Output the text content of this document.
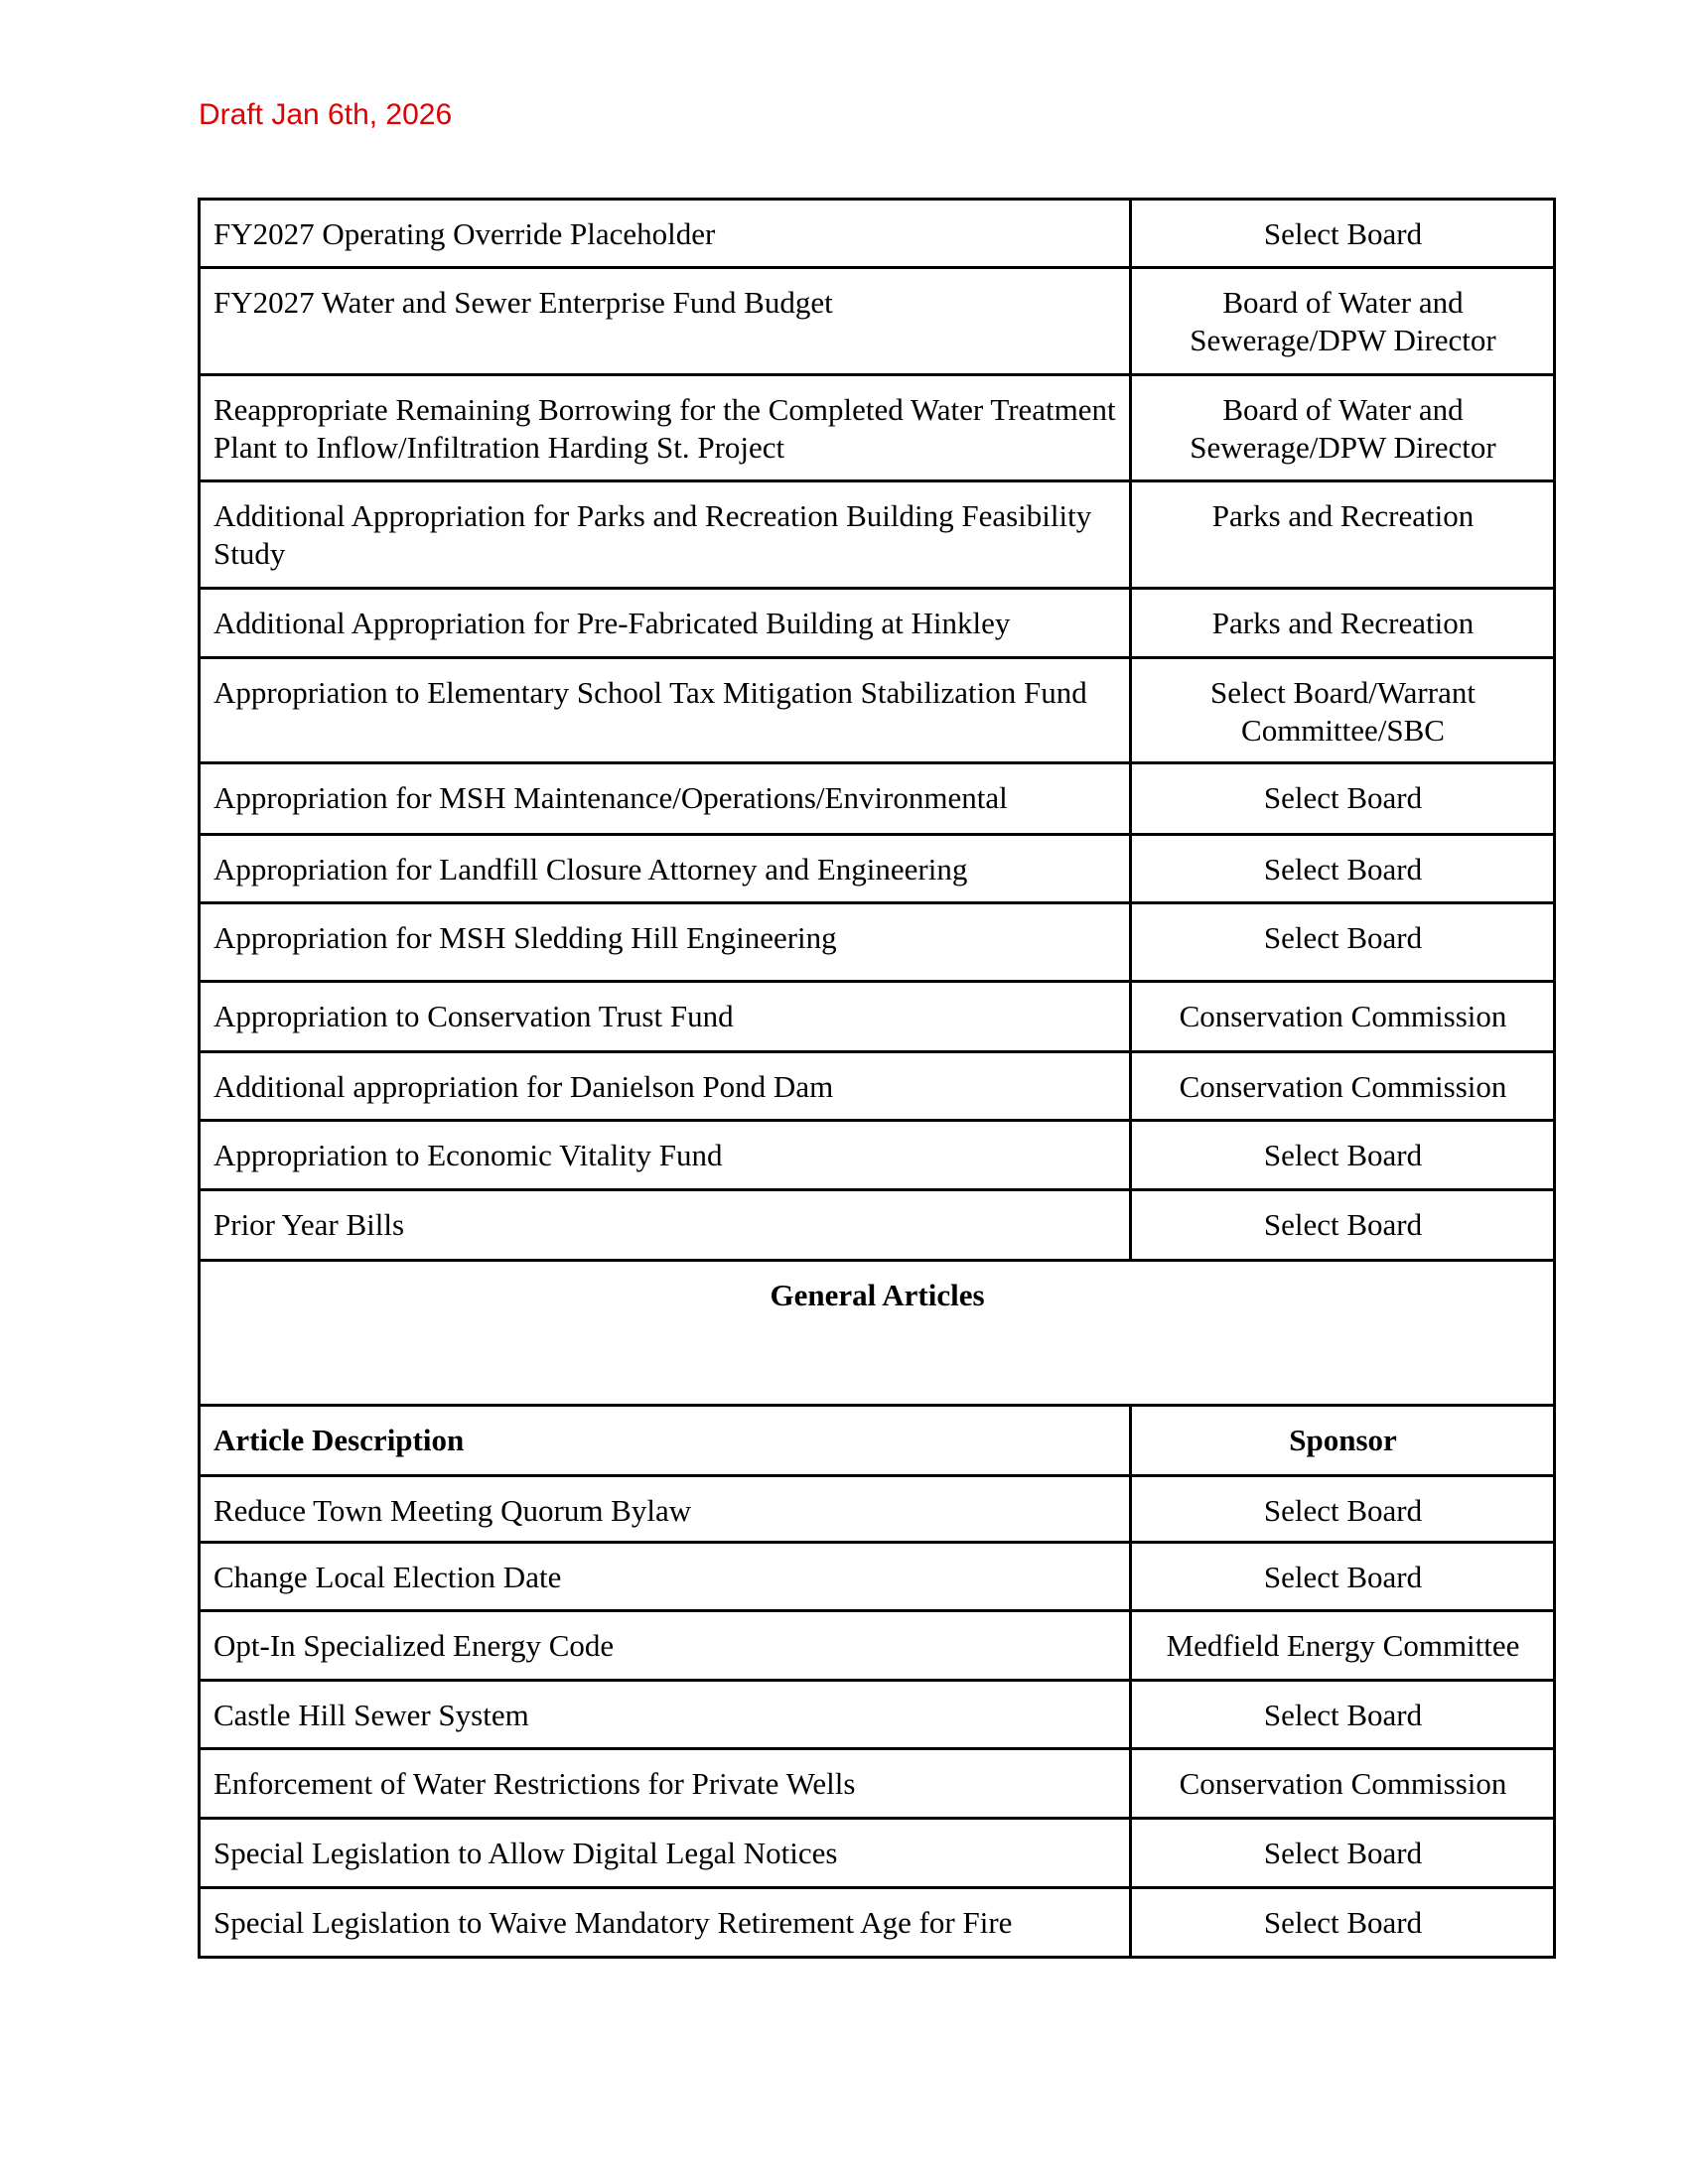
Draft Jan 6th, 2026
FY2027 Operating Override Placeholder	Select Board
FY2027 Water and Sewer Enterprise Fund Budget	Board of Water and Sewerage/DPW Director
Reappropriate Remaining Borrowing for the Completed Water Treatment Plant to Inflow/Infiltration Harding St. Project	Board of Water and Sewerage/DPW Director
Additional Appropriation for Parks and Recreation Building Feasibility Study	Parks and Recreation
Additional Appropriation for Pre-Fabricated Building at Hinkley	Parks and Recreation
Appropriation to Elementary School Tax Mitigation Stabilization Fund	Select Board/Warrant Committee/SBC
Appropriation for MSH Maintenance/Operations/Environmental	Select Board
Appropriation for Landfill Closure Attorney and Engineering	Select Board
Appropriation for MSH Sledding Hill Engineering	Select Board
Appropriation to Conservation Trust Fund	Conservation Commission
Additional appropriation for Danielson Pond Dam	Conservation Commission
Appropriation to Economic Vitality Fund	Select Board
Prior Year Bills	Select Board
General Articles	
Article Description	Sponsor
Reduce Town Meeting Quorum Bylaw	Select Board
Change Local Election Date	Select Board
Opt-In Specialized Energy Code	Medfield Energy Committee
Castle Hill Sewer System	Select Board
Enforcement of Water Restrictions for Private Wells	Conservation Commission
Special Legislation to Allow Digital Legal Notices	Select Board
Special Legislation to Waive Mandatory Retirement Age for Fire	Select Board
